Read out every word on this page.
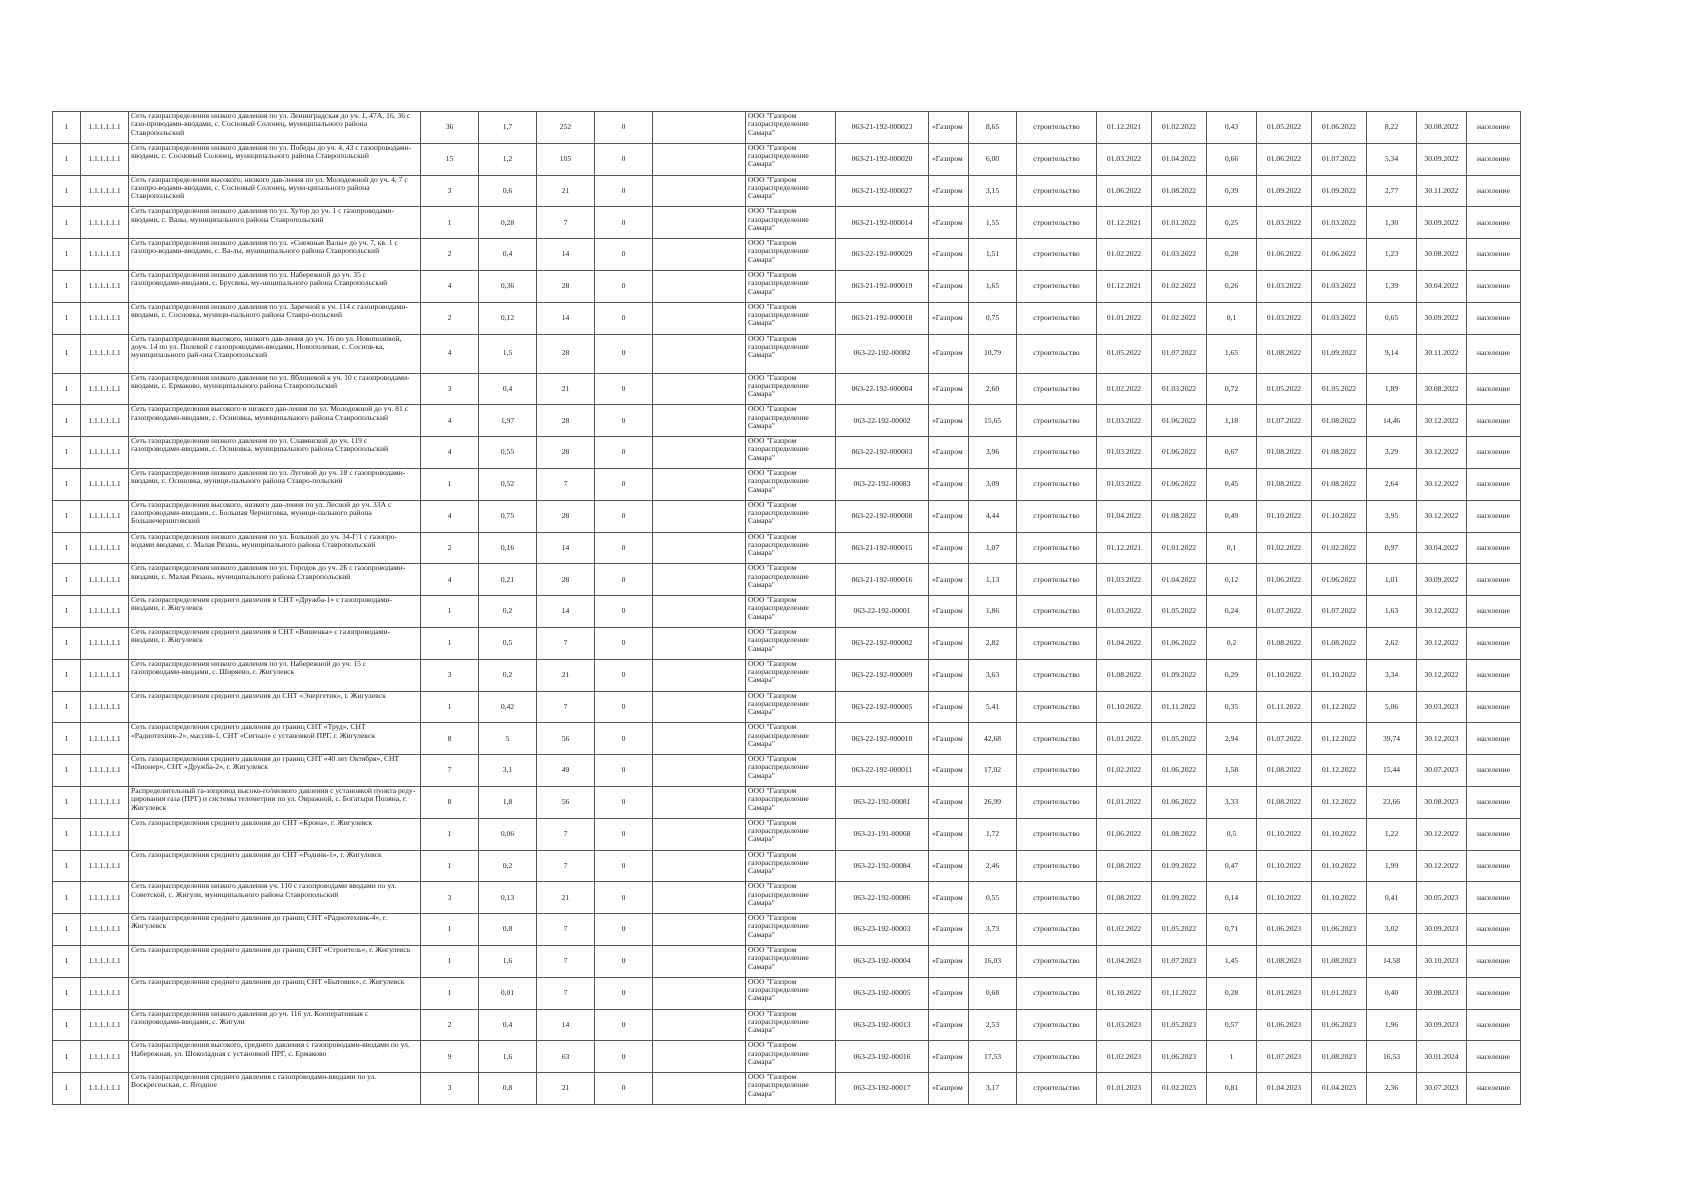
1	1.1.1.1.1.1	Сеть газораспределения низкого давления по ул. Ленинградская до уч. 1, 47А, 16, 36 с газо-проводами-вводами, с. Сосновый Солонец, муниципального района Ставропольский	36	1,7	252	0		ООО "Газпром газораспределение Самара"	063-21-192-000023	«Газпром	8,65	строительство	01.12.2021	01.02.2022	0,43	01.05.2022	01.06.2022	8,22	30.08.2022	население
1	1.1.1.1.1.1	Сеть газораспределения низкого давления по ул. Победы до уч. 4, 43 с газопроводами-вводами, с. Сосновый Солонец, муниципального района Ставропольский	15	1,2	105	0		ООО "Газпром газораспределение Самара"	063-21-192-000020	«Газпром	6,00	строительство	01.03.2022	01.04.2022	0,66	01.06.2022	01.07.2022	5,34	30.09.2022	население
1	1.1.1.1.1.1	Сеть газораспределения высокого, низкого дав-ления по ул. Молодежной до уч. 4, 7 с газопро-водами-вводами, с. Сосновый Солонец, муни-ципального района Ставропольский	3	0,6	21	0		ООО "Газпром газораспределение Самара"	063-21-192-000027	«Газпром	3,15	строительство	01.06.2022	01.08.2022	0,39	01.09.2022	01.09.2022	2,77	30.11.2022	население
1	1.1.1.1.1.1	Сеть газораспределения низкого давления по ул. Хутор до уч. 1 с газопроводами-вводами, с. Валы, муниципального района Ставропольский	1	0,28	7	0		ООО "Газпром газораспределение Самара"	063-21-192-000014	«Газпром	1,55	строительство	01.12.2021	01.01.2022	0,25	01.03.2022	01.03.2022	1,30	30.09.2022	население
1	1.1.1.1.1.1	Сеть газораспределения низкого давления по ул. «Снежные Валы» до уч. 7, кв. 1 с газопро-водами-вводами, с. Ва-лы, муниципального района Ставропольский	2	0,4	14	0		ООО "Газпром газораспределение Самара"	063-22-192-000029	«Газпром	1,51	строительство	01.02.2022	01.03.2022	0,28	01.06.2022	01.06.2022	1,23	30.08.2022	население
1	1.1.1.1.1.1	Сеть газораспределения низкого давления по ул. Набережной до уч. 35 с газопроводами-вводами, с. Брусяны, му-ниципального района Ставропольский	4	0,36	28	0		ООО "Газпром газораспределение Самара"	063-21-192-000019	«Газпром	1,65	строительство	01.12.2021	01.02.2022	0,26	01.03.2022	01.03.2022	1,39	30.04.2022	население
1	1.1.1.1.1.1	Сеть газораспределения низкого давления по ул. Заречной к уч. 114 с газопроводами-вводами, с. Сосновка, муници-пального района Ставро-польский	2	0,12	14	0		ООО "Газпром газораспределение Самара"	063-21-192-000018	«Газпром	0,75	строительство	01.01.2022	01.02.2022	0,1	01.03.2022	01.03.2022	0,65	30.09.2022	население
1	1.1.1.1.1.1	Сеть газораспределения высокого, низкого дав-ления до уч. 16 по ул. Новополевой, доуч. 14 по ул. Полевой с газопроводами-вводами, Новополевая, с. Соснов-ка, муниципального рай-она Ставропольский	4	1,5	28	0		ООО "Газпром газораспределение Самара"	063-22-192-00082	«Газпром	10,79	строительство	01.05.2022	01.07.2022	1,65	01.08.2022	01.09.2022	9,14	30.11.2022	население
1	1.1.1.1.1.1	Сеть газораспределения низкого давления по ул. Яблоневой к уч. 10 с газопроводами-вводами, с. Ермаково, муниципального района Ставропольский	3	0,4	21	0		ООО "Газпром газораспределение Самара"	063-22-192-000004	«Газпром	2,60	строительство	01.02.2022	01.03.2022	0,72	01.05.2022	01.05.2022	1,89	30.08.2022	население
1	1.1.1.1.1.1	Сеть газораспределения высокого и низкого дав-ления по ул. Молодежной до уч. 81 с газопроводами-вводами, с. Осиновка, муниципального района Ставропольский	4	1,97	28	0		ООО "Газпром газораспределение Самара"	063-22-192-00002	«Газпром	15,65	строительство	01.03.2022	01.06.2022	1,18	01.07.2022	01.08.2022	14,46	30.12.2022	население
1	1.1.1.1.1.1	Сеть газораспределения низкого давления по ул. Славянской до уч. 119 с газопроводами-вводами, с. Осиновка, муниципального района Ставропольский	4	0,55	28	0		ООО "Газпром газораспределение Самара"	063-22-192-000003	«Газпром	3,96	строительство	01.03.2022	01.06.2022	0,67	01.08.2022	01.08.2022	3,29	30.12.2022	население
1	1.1.1.1.1.1	Сеть газораспределения низкого давления по ул. Луговой до уч. 18 с газопроводами-вводами, с. Осиновка, муници-пального района Ставро-польский	1	0,52	7	0		ООО "Газпром газораспределение Самара"	063-22-192-00083	«Газпром	3,09	строительство	01.03.2022	01.06.2022	0,45	01.08.2022	01.08.2022	2,64	30.12.2022	население
1	1.1.1.1.1.1	Сеть газораспределения высокого, низкого дав-ления по ул. Лесной до уч. 33А с газопроводами-вводами, с. Большая Черниговка, муници-пального района Большечерниговский	4	0,75	28	0		ООО "Газпром газораспределение Самара"	063-22-192-000008	«Газпром	4,44	строительство	01.04.2022	01.08.2022	0,49	01.10.2022	01.10.2022	3,95	30.12.2022	население
1	1.1.1.1.1.1	Сеть газораспределения низкого давления по ул. Большой до уч. 34-Г/1 с газопро-водами вводами, с. Малая Рязань, муниципального района Ставропольский	2	0,16	14	0		ООО "Газпром газораспределение Самара"	063-21-192-000015	«Газпром	1,07	строительство	01.12.2021	01.01.2022	0,1	01.02.2022	01.02.2022	0,97	30.04.2022	население
1	1.1.1.1.1.1	Сеть газораспределения низкого давления по ул. Городок до уч. 2Б с газопроводами-вводами, с. Малая Рязань, муниципального района Ставропольский	4	0,21	28	0		ООО "Газпром газораспределение Самара"	063-21-192-000016	«Газпром	1,13	строительство	01.03.2022	01.04.2022	0,12	01.06.2022	01.06.2022	1,01	30.09.2022	население
1	1.1.1.1.1.1	Сеть газораспределения среднего давления в СНТ «Дружба-1» с газопроводами-вводами, г. Жигулевск	1	0,2	14	0		ООО "Газпром газораспределение Самара"	063-22-192-00001	«Газпром	1,86	строительство	01.03.2022	01.05.2022	0,24	01.07.2022	01.07.2022	1,63	30.12.2022	население
1	1.1.1.1.1.1	Сеть газораспределения среднего давления в СНТ «Вишенка» с газопроводами-вводами, г. Жигулевск	1	0,5	7	0		ООО "Газпром газораспределение Самара"	063-22-192-000002	«Газпром	2,82	строительство	01.04.2022	01.06.2022	0,2	01.08.2022	01.08.2022	2,62	30.12.2022	население
1	1.1.1.1.1.1	Сеть газораспределения низкого давления по ул. Набережной до уч. 15 с газопроводами-вводами, с. Ширяево, г. Жигулевск	3	0,2	21	0		ООО "Газпром газораспределение Самара"	063-22-192-000009	«Газпром	3,63	строительство	01.08.2022	01.09.2022	0,29	01.10.2022	01.10.2022	3,34	30.12.2022	население
1	1.1.1.1.1.1	Сеть газораспределения среднего давления до СНТ «Энергетик», г. Жигулевск	1	0,42	7	0		ООО "Газпром газораспределение Самара"	063-22-192-000005	«Газпром	5,41	строительство	01.10.2022	01.11.2022	0,35	01.11.2022	01.12.2022	5,06	30.03.2023	население
1	1.1.1.1.1.1	Сеть газораспределения среднего давления до границ СНТ «Труд», СНТ «Радиотехник-2», массив-1, СНТ «Сигнал» с установкой ПРГ, г. Жигулевск	8	5	56	0		ООО "Газпром газораспределение Самара"	063-22-192-000010	«Газпром	42,68	строительство	01.01.2022	01.05.2022	2,94	01.07.2022	01.12.2022	39,74	30.12.2023	население
1	1.1.1.1.1.1	Сеть газораспределения среднего давления до границ СНТ «40 лет Октября», СНТ «Пионер», СНТ «Дружба-2», г. Жигулевск	7	3,1	49	0		ООО "Газпром газораспределение Самара"	063-22-192-000011	«Газпром	17,02	строительство	01.02.2022	01.06.2022	1,58	01.08.2022	01.12.2022	15,44	30.07.2023	население
1	1.1.1.1.1.1	Распределительный га-зопровод высоко-го/низкого давления с установкой пункта реду-цирования газа (ПРГ) и системы телеметрии по ул. Овражной, с. Богатыри Поляна, г. Жигулевск	8	1,8	56	0		ООО "Газпром газораспределение Самара"	063-22-192-00081	«Газпром	26,99	строительство	01.01.2022	01.06.2022	3,33	01.08.2022	01.12.2022	23,66	30.08.2023	население
1	1.1.1.1.1.1	Сеть газораспределения среднего давления до СНТ «Крона», г. Жигулевск	1	0,06	7	0		ООО "Газпром газораспределение Самара"	063-21-191-00068	«Газпром	1,72	строительство	01.06.2022	01.08.2022	0,5	01.10.2022	01.10.2022	1,22	30.12.2022	население
1	1.1.1.1.1.1	Сеть газораспределения среднего давления до СНТ «Родник-1», г. Жигулевск	1	0,2	7	0		ООО "Газпром газораспределение Самара"	063-22-192-00084	«Газпром	2,46	строительство	01.08.2022	01.09.2022	0,47	01.10.2022	01.10.2022	1,99	30.12.2022	население
1	1.1.1.1.1.1	Сеть газораспределения низкого давления уч. 110 с газопроводами вводами по ул. Советской, с. Жигули, муниципального района Ставропольский	3	0,13	21	0		ООО "Газпром газораспределение Самара"	063-22-192-00086	«Газпром	0,55	строительство	01.08.2022	01.09.2022	0,14	01.10.2022	01.10.2022	0,41	30.05.2023	население
1	1.1.1.1.1.1	Сеть газораспределения среднего давления до границ СНТ «Радиотехник-4», г. Жигулевск	1	0,8	7	0		ООО "Газпром газораспределение Самара"	063-23-192-00003	«Газпром	3,73	строительство	01.02.2022	01.05.2022	0,71	01.06.2023	01.06.2023	3,02	30.09.2023	население
1	1.1.1.1.1.1	Сеть газораспределения среднего давления до границ СНТ «Строитель», г. Жигулевск	1	1,6	7	0		ООО "Газпром газораспределение Самара"	063-23-192-00004	«Газпром	16,03	строительство	01.04.2023	01.07.2023	1,45	01.08.2023	01.08.2023	14,58	30.10.2023	население
1	1.1.1.1.1.1	Сеть газораспределения среднего давления до границ СНТ «Бытовик», г. Жигулевск	1	0,01	7	0		ООО "Газпром газораспределение Самара"	063-23-192-00005	«Газпром	0,68	строительство	01.10.2022	01.11.2022	0,28	01.01.2023	01.01.2023	0,40	30.08.2023	население
1	1.1.1.1.1.1	Сеть газораспределения низкого давления до уч. 116 ул. Кооперативная с газопроводами-вводами, с. Жигули	2	0,4	14	0		ООО "Газпром газораспределение Самара"	063-23-192-00013	«Газпром	2,53	строительство	01.03.2023	01.05.2023	0,57	01.06.2023	01.06.2023	1,96	30.09.2023	население
1	1.1.1.1.1.1	Сеть газораспределения высокого, среднего давления с газопроводами-вводами по ул. Набережная, ул. Шоколадная с установкой ПРГ, с. Ермаково	9	1,6	63	0		ООО "Газпром газораспределение Самара"	063-23-192-00016	«Газпром	17,53	строительство	01.02.2023	01.06.2023	1	01.07.2023	01.08.2023	16,53	30.01.2024	население
1	1.1.1.1.1.1	Сеть газораспределения среднего давления с газопроводами-вводами по ул. Воскресенская, с. Ягодное	3	0,8	21	0		ООО "Газпром газораспределение Самара"	063-23-192-00017	«Газпром	3,17	строительство	01.01.2023	01.02.2023	0,81	01.04.2023	01.04.2023	2,36	30.07.2023	население
